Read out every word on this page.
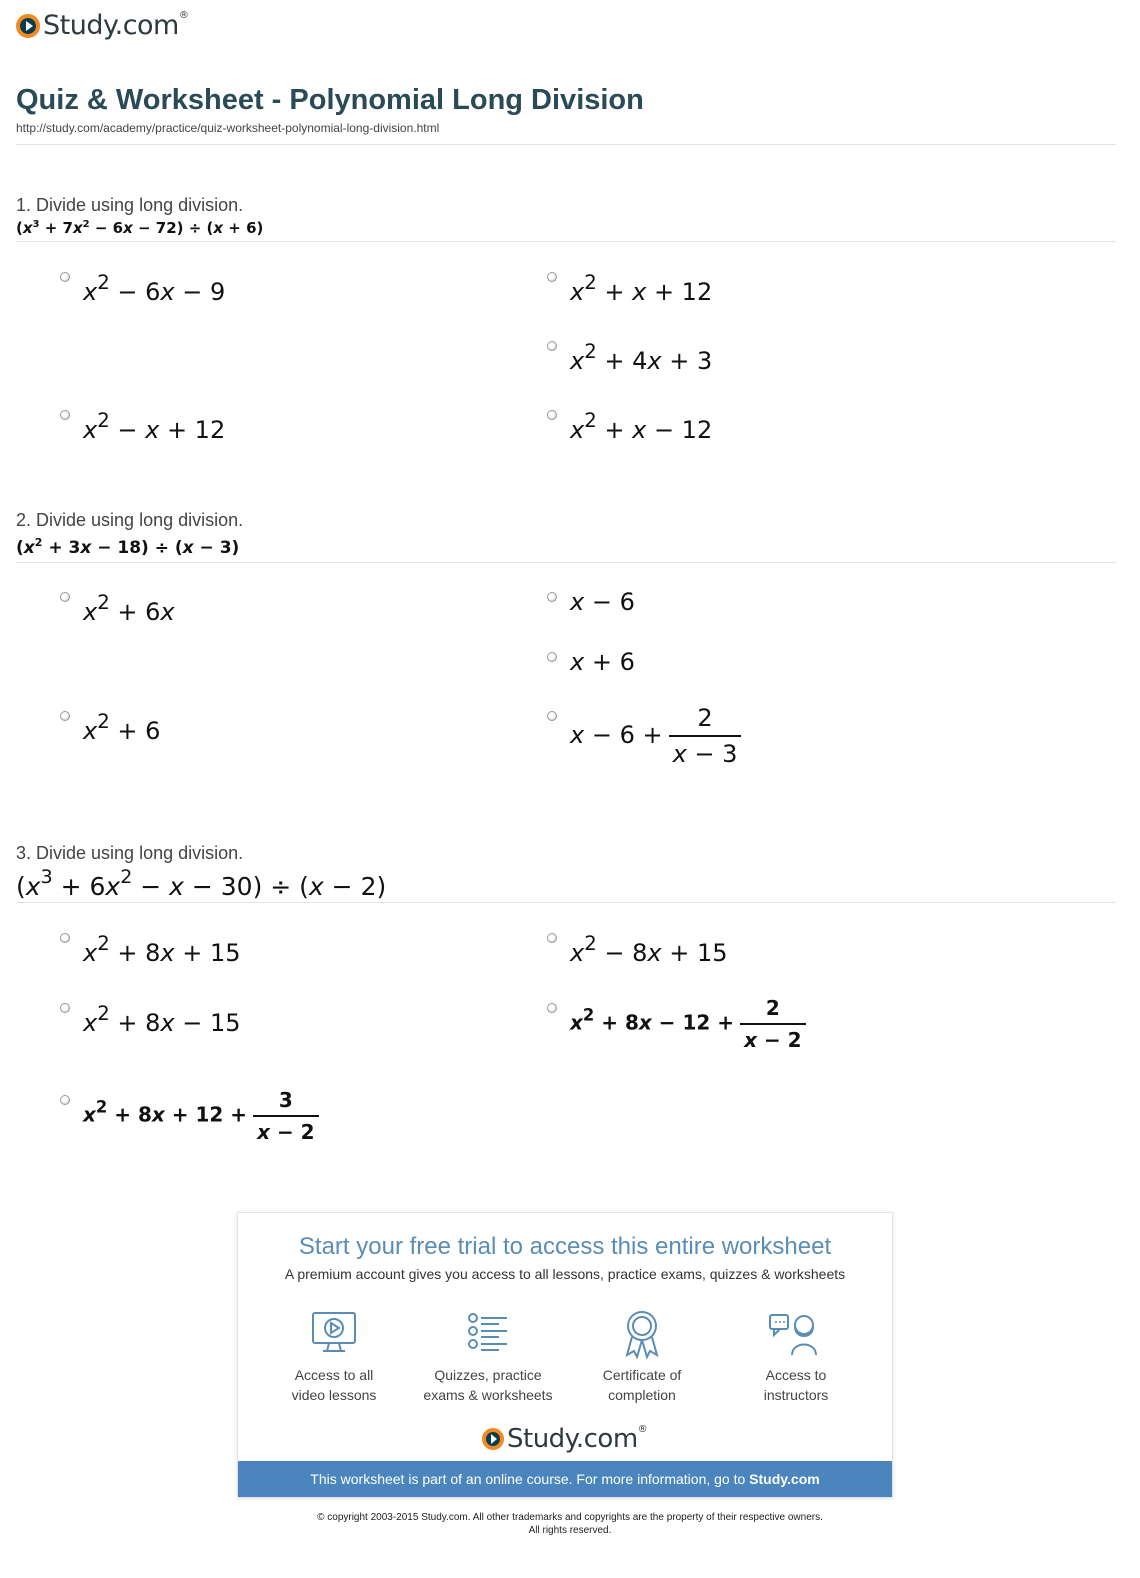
Study.com®
Quiz & Worksheet - Polynomial Long Division
http://study.com/academy/practice/quiz-worksheet-polynomial-long-division.html
1. Divide using long division.
$(x^3 + 7x^2 - 6x - 72) \div (x + 6)$
$x^2 - 6x - 9$	$x^2 + x + 12$
$x^2 + 4x + 3$
$x^2 - x + 12$	$x^2 + x - 12$
2. Divide using long division.
$(x^2 + 3x - 18) \div (x - 3)$
$x^2 + 6x$	x − 6
x + 6
$x^2 + 6$	$x - 6 + \frac{2}{x - 3}$
3. Divide using long division.
$(x^3 + 6x^2 - x - 30) \div (x - 2)$
$x^2 + 8x + 15$	$x^2 - 8x + 15$
$x^2 + 8x - 15$	$x^2 + 8x - 12 + \frac{2}{x - 2}$
$x^2 + 8x + 12 + \frac{3}{x - 2}$
Start your free trial to access this entire worksheet
A premium account gives you access to all lessons, practice exams, quizzes & worksheets
Access to all
video lessons
Quizzes, practice
exams & worksheets
Certificate of
completion
Access to
instructors
Study.com®
This worksheet is part of an online course. For more information, go to Study.com
© copyright 2003-2015 Study.com. All other trademarks and copyrights are the property of their respective owners.
All rights reserved.
